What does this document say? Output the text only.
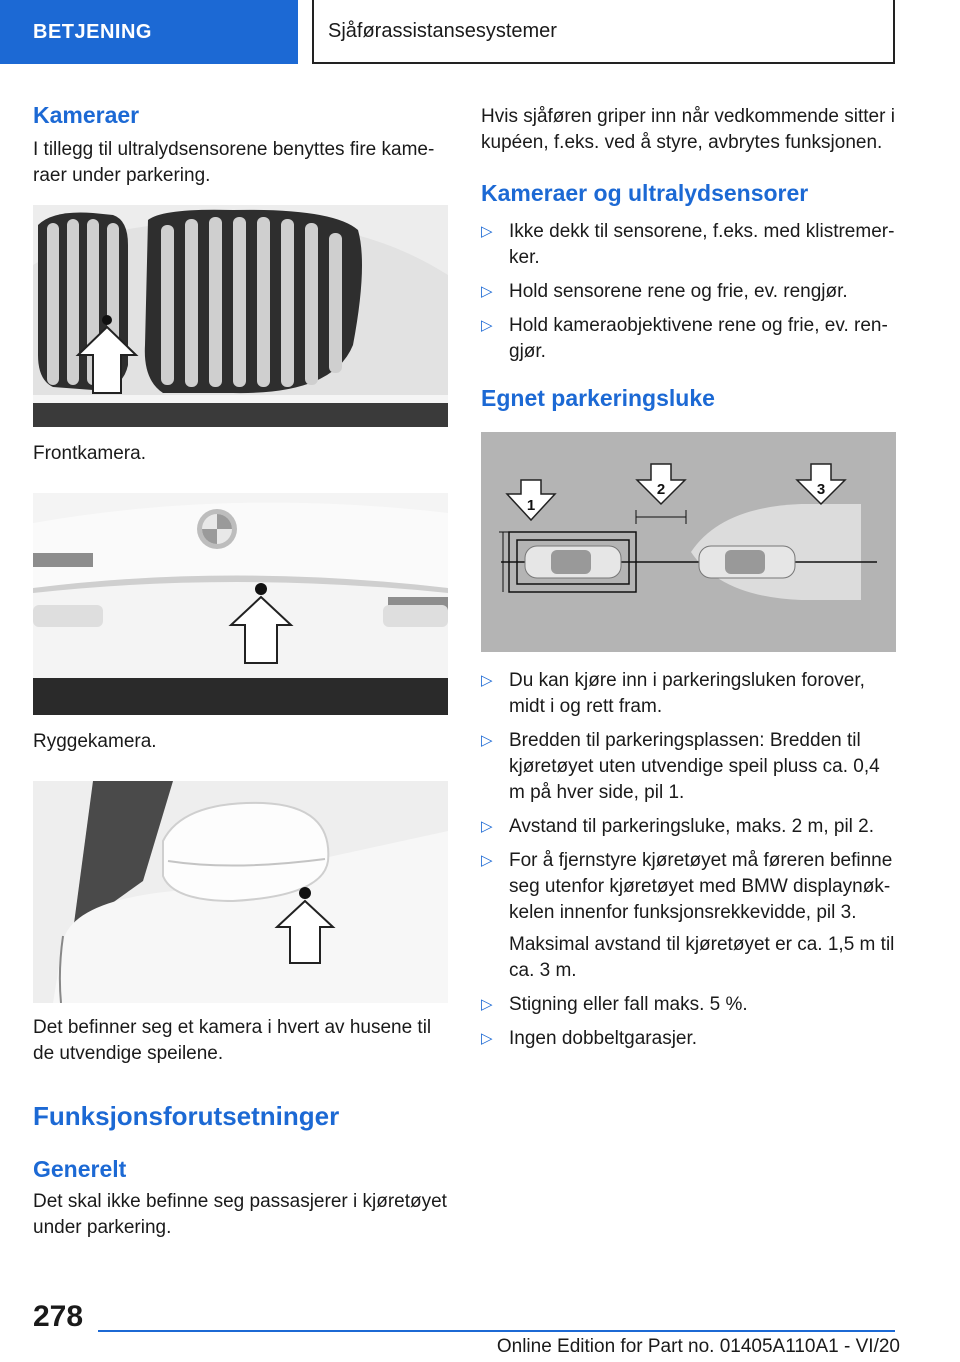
BETJENING	Sjåførassistansesystemer
Kameraer

I tillegg til ultralydsensorene benyttes fire kame-raer under parkering.

Frontkamera.

Ryggekamera.

Det befinner seg et kamera i hvert av husene til de utvendige speilene.

Funksjonsforutsetninger
Generelt

Det skal ikke befinne seg passasjerer i kjøretøyet under parkering.

Hvis sjåføren griper inn når vedkommende sitter i kupéen, f.eks. ved å styre, avbrytes funksjonen.

Kameraer og ultralydsensorer
▷ Ikke dekk til sensorene, f.eks. med klistremer-ker.
▷ Hold sensorene rene og frie, ev. rengjør.
▷ Hold kameraobjektivene rene og frie, ev. ren-gjør.
Egnet parkeringsluke
1
2	3
▷ Du kan kjøre inn i parkeringsluken forover, midt i og rett fram.
▷ Bredden til parkeringsplassen: Bredden til kjøretøyet uten utvendige speil pluss ca. 0,4 m på hver side, pil 1.
▷ Avstand til parkeringsluke, maks. 2 m, pil 2.
▷ For å fjernstyre kjøretøyet må føreren befinne seg utenfor kjøretøyet med BMW displaynøk-kelen innenfor funksjonsrekkevidde, pil 3.
Maksimal avstand til kjøretøyet er ca. 1,5 m til ca. 3 m.
▷ Stigning eller fall maks. 5 %.
▷ Ingen dobbeltgarasjer.
278
Online Edition for Part no. 01405A110A1 - VI/20
